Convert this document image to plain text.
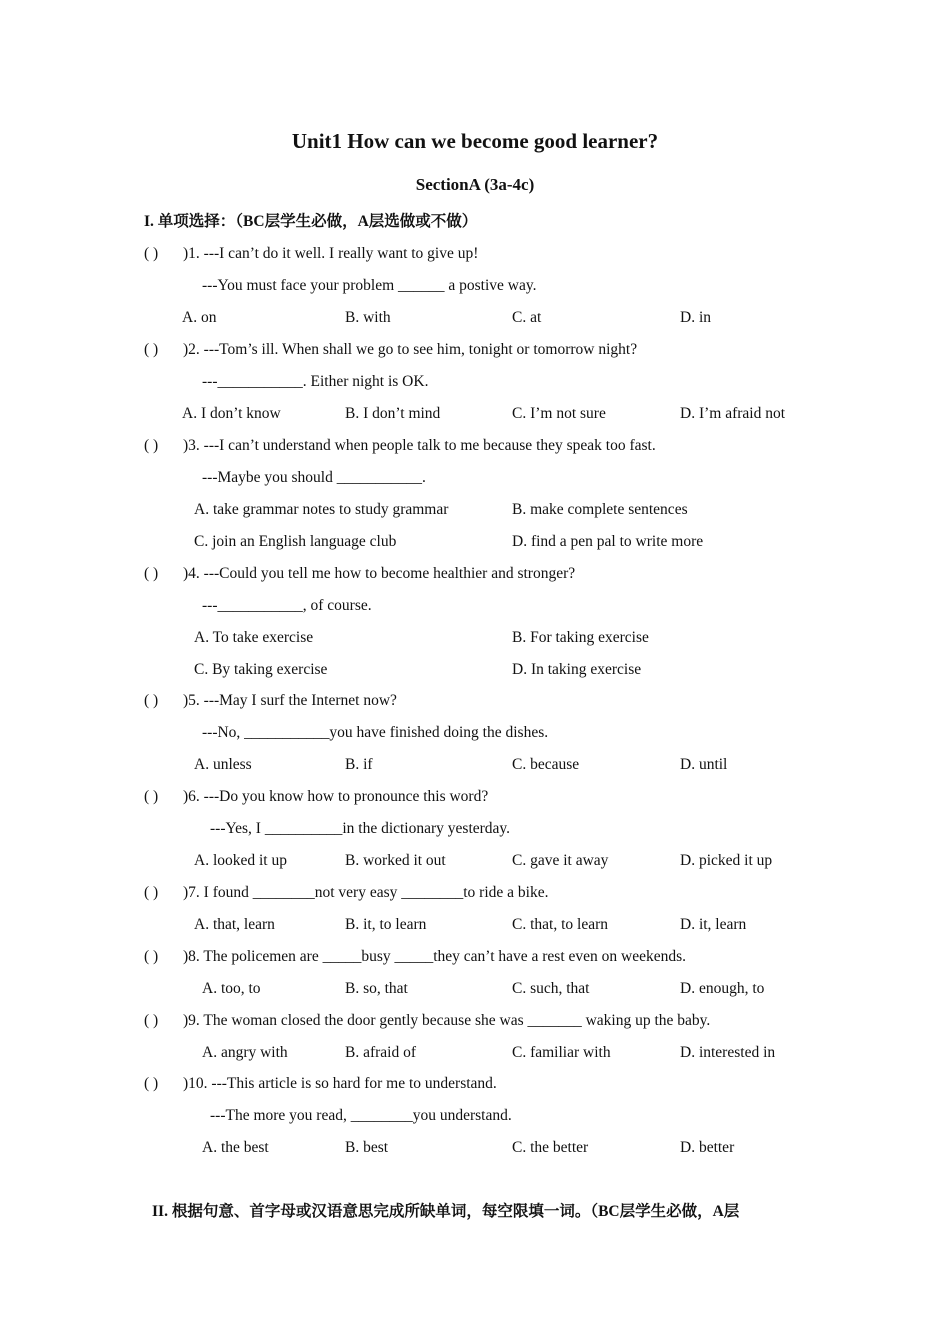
Unit1 How can we become good learner?
SectionA (3a-4c)
I. 单项选择：（BC层学生必做，A层选做或不做）
( ) )1. ---I can’t do it well. I really want to give up!
---You must face your problem ______ a postive way.
A. on	B. with	C. at	D. in
( ) )2. ---Tom’s ill. When shall we go to see him, tonight or tomorrow night?
---___________. Either night is OK.
A. I don’t know	B. I don’t mind	C. I’m not sure	D. I’m afraid not
( ) )3. ---I can’t understand when people talk to me because they speak too fast.
---Maybe you should ___________.
A. take grammar notes to study grammar	B. make complete sentences
C. join an English language club	D. find a pen pal to write more
( ) )4. ---Could you tell me how to become healthier and stronger?
---___________, of course.
A. To take exercise	B. For taking exercise
C. By taking exercise	D. In taking exercise
( ) )5. ---May I surf the Internet now?
---No, ___________you have finished doing the dishes.
A. unless	B. if	C. because	D. until
( ) )6. ---Do you know how to pronounce this word?
---Yes, I __________in the dictionary yesterday.
A. looked it up	B. worked it out	C. gave it away	D. picked it up
( ) )7. I found ________not very easy ________to ride a bike.
A. that, learn	B. it, to learn	C. that, to learn	D. it, learn
( ) )8. The policemen are _____busy _____they can’t have a rest even on weekends.
A. too, to	B. so, that	C. such, that	D. enough, to
( ) )9. The woman closed the door gently because she was _______ waking up the baby.
A. angry with	B. afraid of	C. familiar with	D. interested in
( ) )10. ---This article is so hard for me to understand.
---The more you read, ________you understand.
A. the best	B. best	C. the better	D. better
II. 根据句意、首字母或汉语意思完成所缺单词，每空限填一词。（BC层学生必做，A层
